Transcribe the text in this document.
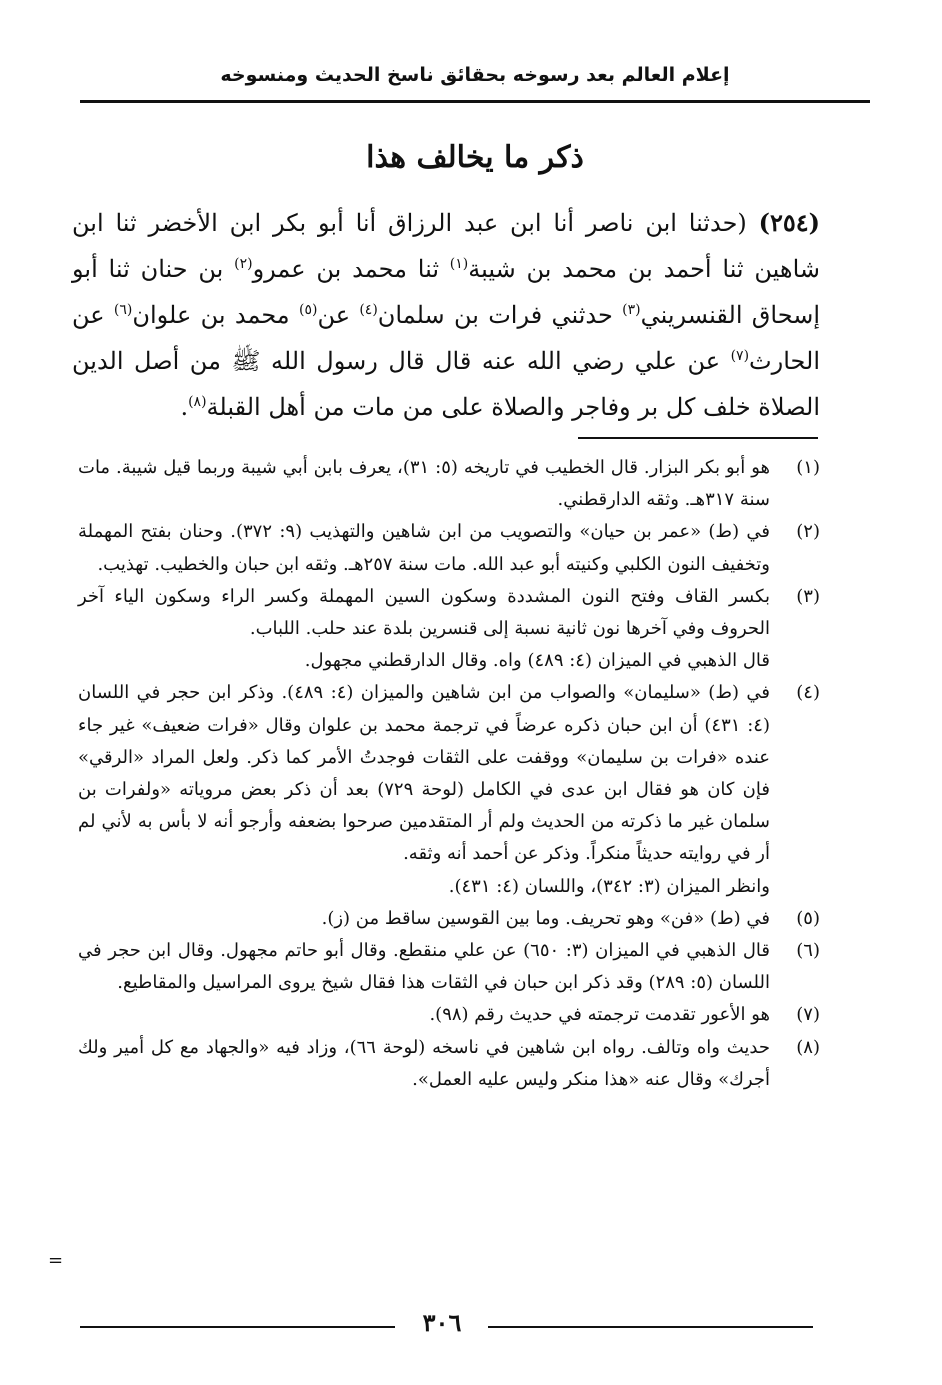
إعلام العالم بعد رسوخه بحقائق ناسخ الحديث ومنسوخه
ذكر ما يخالف هذا
(٢٥٤) (حدثنا ابن ناصر أنا ابن عبد الرزاق أنا أبو بكر ابن الأخضر ثنا ابن شاهين ثنا أحمد بن محمد بن شيبة$^{(١)}$ ثنا محمد بن عمرو$^{(٢)}$ بن حنان ثنا أبو إسحاق القنسريني$^{(٣)}$ حدثني فرات بن سلمان$^{(٤)}$ عن$^{(٥)}$ محمد بن علوان$^{(٦)}$ عن الحارث$^{(٧)}$ عن علي رضي الله عنه قال قال رسول الله ﷺ من أصل الدين الصلاة خلف كل بر وفاجر والصلاة على من مات من أهل القبلة$^{(٨)}$.
(١)

هو أبو بكر البزار. قال الخطيب في تاريخه (٥: ٣١)، يعرف بابن أبي شيبة وربما قيل شيبة. مات سنة ٣١٧هـ. وثقه الدارقطني.

(٢)

في (ط) «عمر بن حيان» والتصويب من ابن شاهين والتهذيب (٩: ٣٧٢). وحنان بفتح المهملة وتخفيف النون الكلبي وكنيته أبو عبد الله. مات سنة ٢٥٧هـ. وثقه ابن حبان والخطيب. تهذيب.

(٣)

بكسر القاف وفتح النون المشددة وسكون السين المهملة وكسر الراء وسكون الياء آخر الحروف وفي آخرها نون ثانية نسبة إلى قنسرين بلدة عند حلب. اللباب.

قال الذهبي في الميزان (٤: ٤٨٩) واه. وقال الدارقطني مجهول.

(٤)

في (ط) «سليمان» والصواب من ابن شاهين والميزان (٤: ٤٨٩). وذكر ابن حجر في اللسان (٤: ٤٣١) أن ابن حبان ذكره عرضاً في ترجمة محمد بن علوان وقال «فرات ضعيف» غير جاء عنده «فرات بن سليمان» ووقفت على الثقات فوجدتُ الأمر كما ذكر. ولعل المراد «الرقي» فإن كان هو فقال ابن عدى في الكامل (لوحة ٧٢٩) بعد أن ذكر بعض مروياته «ولفرات بن سلمان غير ما ذكرته من الحديث ولم أر المتقدمين صرحوا بضعفه وأرجو أنه لا بأس به لأني لم أر في روايته حديثاً منكراً. وذكر عن أحمد أنه وثقه.

وانظر الميزان (٣: ٣٤٢)، واللسان (٤: ٤٣١).

(٥)

في (ط) «فن» وهو تحريف. وما بين القوسين ساقط من (ز).

(٦)

قال الذهبي في الميزان (٣: ٦٥٠) عن علي منقطع. وقال أبو حاتم مجهول. وقال ابن حجر في اللسان (٥: ٢٨٩) وقد ذكر ابن حبان في الثقات هذا فقال شيخ يروى المراسيل والمقاطيع.

(٧)

هو الأعور تقدمت ترجمته في حديث رقم (٩٨).

(٨)

حديث واه وتالف. رواه ابن شاهين في ناسخه (لوحة ٦٦)، وزاد فيه «والجهاد مع كل أمير ولك أجرك» وقال عنه «هذا منكر وليس عليه العمل».

=
٣٠٦
